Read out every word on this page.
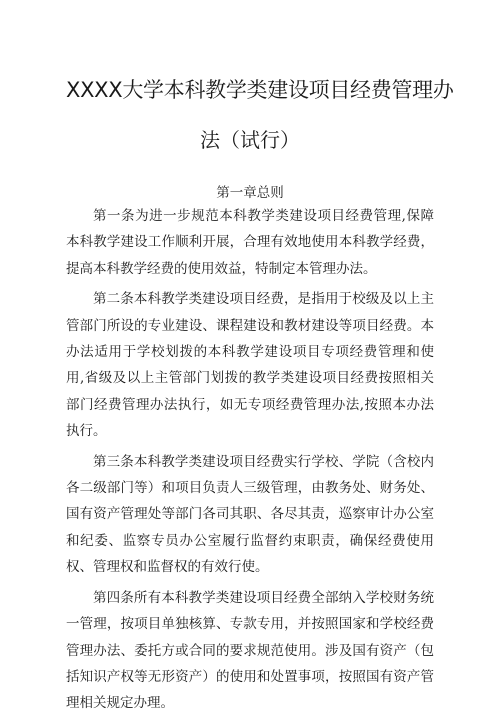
XXXX大学本科教学类建设项目经费管理办
法（试行）
第一章总则

第一条为进一步规范本科教学类建设项目经费管理,保障本科教学建设工作顺利开展，合理有效地使用本科教学经费，提高本科教学经费的使用效益，特制定本管理办法。

第二条本科教学类建设项目经费，是指用于校级及以上主管部门所设的专业建设、课程建设和教材建设等项目经费。本办法适用于学校划拨的本科教学建设项目专项经费管理和使用,省级及以上主管部门划拨的教学类建设项目经费按照相关部门经费管理办法执行，如无专项经费管理办法,按照本办法执行。

第三条本科教学类建设项目经费实行学校、学院（含校内各二级部门等）和项目负责人三级管理，由教务处、财务处、国有资产管理处等部门各司其职、各尽其责，巡察审计办公室和纪委、监察专员办公室履行监督约束职责，确保经费使用权、管理权和监督权的有效行使。

第四条所有本科教学类建设项目经费全部纳入学校财务统一管理，按项目单独核算、专款专用，并按照国家和学校经费管理办法、委托方或合同的要求规范使用。涉及国有资产（包括知识产权等无形资产）的使用和处置事项，按照国有资产管理相关规定办理。
